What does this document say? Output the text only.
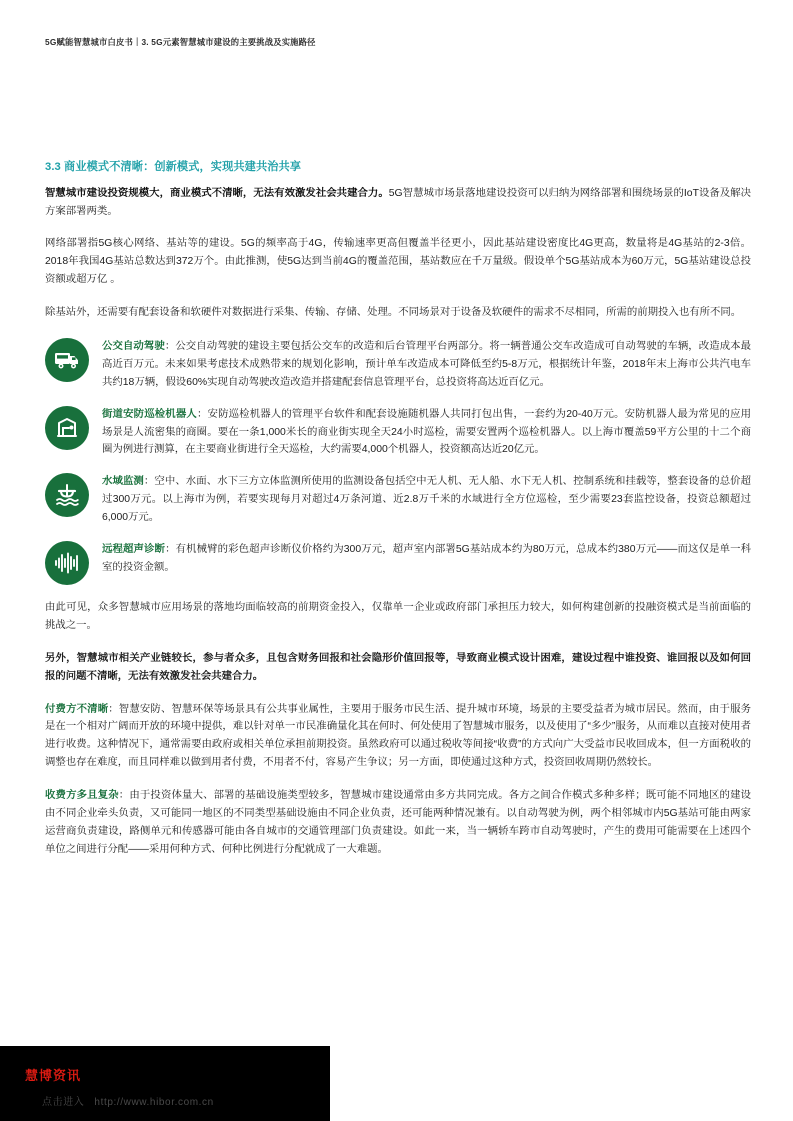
5G赋能智慧城市白皮书｜3. 5G元素智慧城市建设的主要挑战及实施路径
3.3 商业模式不清晰：创新模式，实现共建共治共享

智慧城市建设投资规模大，商业模式不清晰，无法有效激发社会共建合力。5G智慧城市场景落地建设投资可以归纳为网络部署和围绕场景的IoT设备及解决方案部署两类。

网络部署指5G核心网络、基站等的建设。5G的频率高于4G，传输速率更高但覆盖半径更小，因此基站建设密度比4G更高，数量将是4G基站的2-3倍。2018年我国4G基站总数达到372万个。由此推测，使5G达到当前4G的覆盖范围，基站数应在千万量级。假设单个5G基站成本为60万元，5G基站建设总投资额或超万亿 。

除基站外，还需要有配套设备和软硬件对数据进行采集、传输、存储、处理。不同场景对于设备及软硬件的需求不尽相同，所需的前期投入也有所不同。

公交自动驾驶：公交自动驾驶的建设主要包括公交车的改造和后台管理平台两部分。将一辆普通公交车改造成可自动驾驶的车辆，改造成本最高近百万元。未来如果考虑技术成熟带来的规划化影响，预计单车改造成本可降低至约5-8万元，根据统计年鉴，2018年末上海市公共汽电车共约18万辆，假设60%实现自动驾驶改造改造并搭建配套信息管理平台，总投资将高达近百亿元。
街道安防巡检机器人：安防巡检机器人的管理平台软件和配套设施随机器人共同打包出售，一套约为20-40万元。安防机器人最为常见的应用场景是人流密集的商圈。要在一条1,000米长的商业街实现全天24小时巡检，需要安置两个巡检机器人。以上海市覆盖59平方公里的十二个商圈为例进行测算，在主要商业街进行全天巡检，大约需要4,000个机器人，投资额高达近20亿元。
水域监测：空中、水面、水下三方立体监测所使用的监测设备包括空中无人机、无人船、水下无人机、控制系统和挂载等，整套设备的总价超过300万元。以上海市为例，若要实现每月对超过4万条河道、近2.8万千米的水域进行全方位巡检，至少需要23套监控设备，投资总额超过6,000万元。
远程超声诊断：有机械臂的彩色超声诊断仪价格约为300万元，超声室内部署5G基站成本约为80万元，总成本约380万元——而这仅是单一科室的投资金额。

由此可见，众多智慧城市应用场景的落地均面临较高的前期资金投入，仅靠单一企业或政府部门承担压力较大，如何构建创新的投融资模式是当前面临的挑战之一。

另外，智慧城市相关产业链较长，参与者众多，且包含财务回报和社会隐形价值回报等，导致商业模式设计困难，建设过程中谁投资、谁回报以及如何回报的问题不清晰，无法有效激发社会共建合力。

付费方不清晰：智慧安防、智慧环保等场景具有公共事业属性，主要用于服务市民生活、提升城市环境，场景的主要受益者为城市居民。然而，由于服务是在一个相对广阔而开放的环境中提供，难以针对单一市民准确量化其在何时、何处使用了智慧城市服务，以及使用了“多少”服务，从而难以直接对使用者进行收费。这种情况下，通常需要由政府或相关单位承担前期投资。虽然政府可以通过税收等间接“收费”的方式向广大受益市民收回成本，但一方面税收的调整也存在难度，而且同样难以做到用者付费，不用者不付，容易产生争议；另一方面，即使通过这种方式，投资回收周期仍然较长。

收费方多且复杂：由于投资体量大、部署的基础设施类型较多，智慧城市建设通常由多方共同完成。各方之间合作模式多种多样；既可能不同地区的建设由不同企业牵头负责，又可能同一地区的不同类型基础设施由不同企业负责，还可能两种情况兼有。以自动驾驶为例，两个相邻城市内5G基站可能由两家运营商负责建设，路侧单元和传感器可能由各自城市的交通管理部门负责建设。如此一来，当一辆轿车跨市自动驾驶时，产生的费用可能需要在上述四个单位之间进行分配——采用何种方式、何种比例进行分配就成了一大难题。

慧博资讯
点击进入 http://www.hibor.com.cn
